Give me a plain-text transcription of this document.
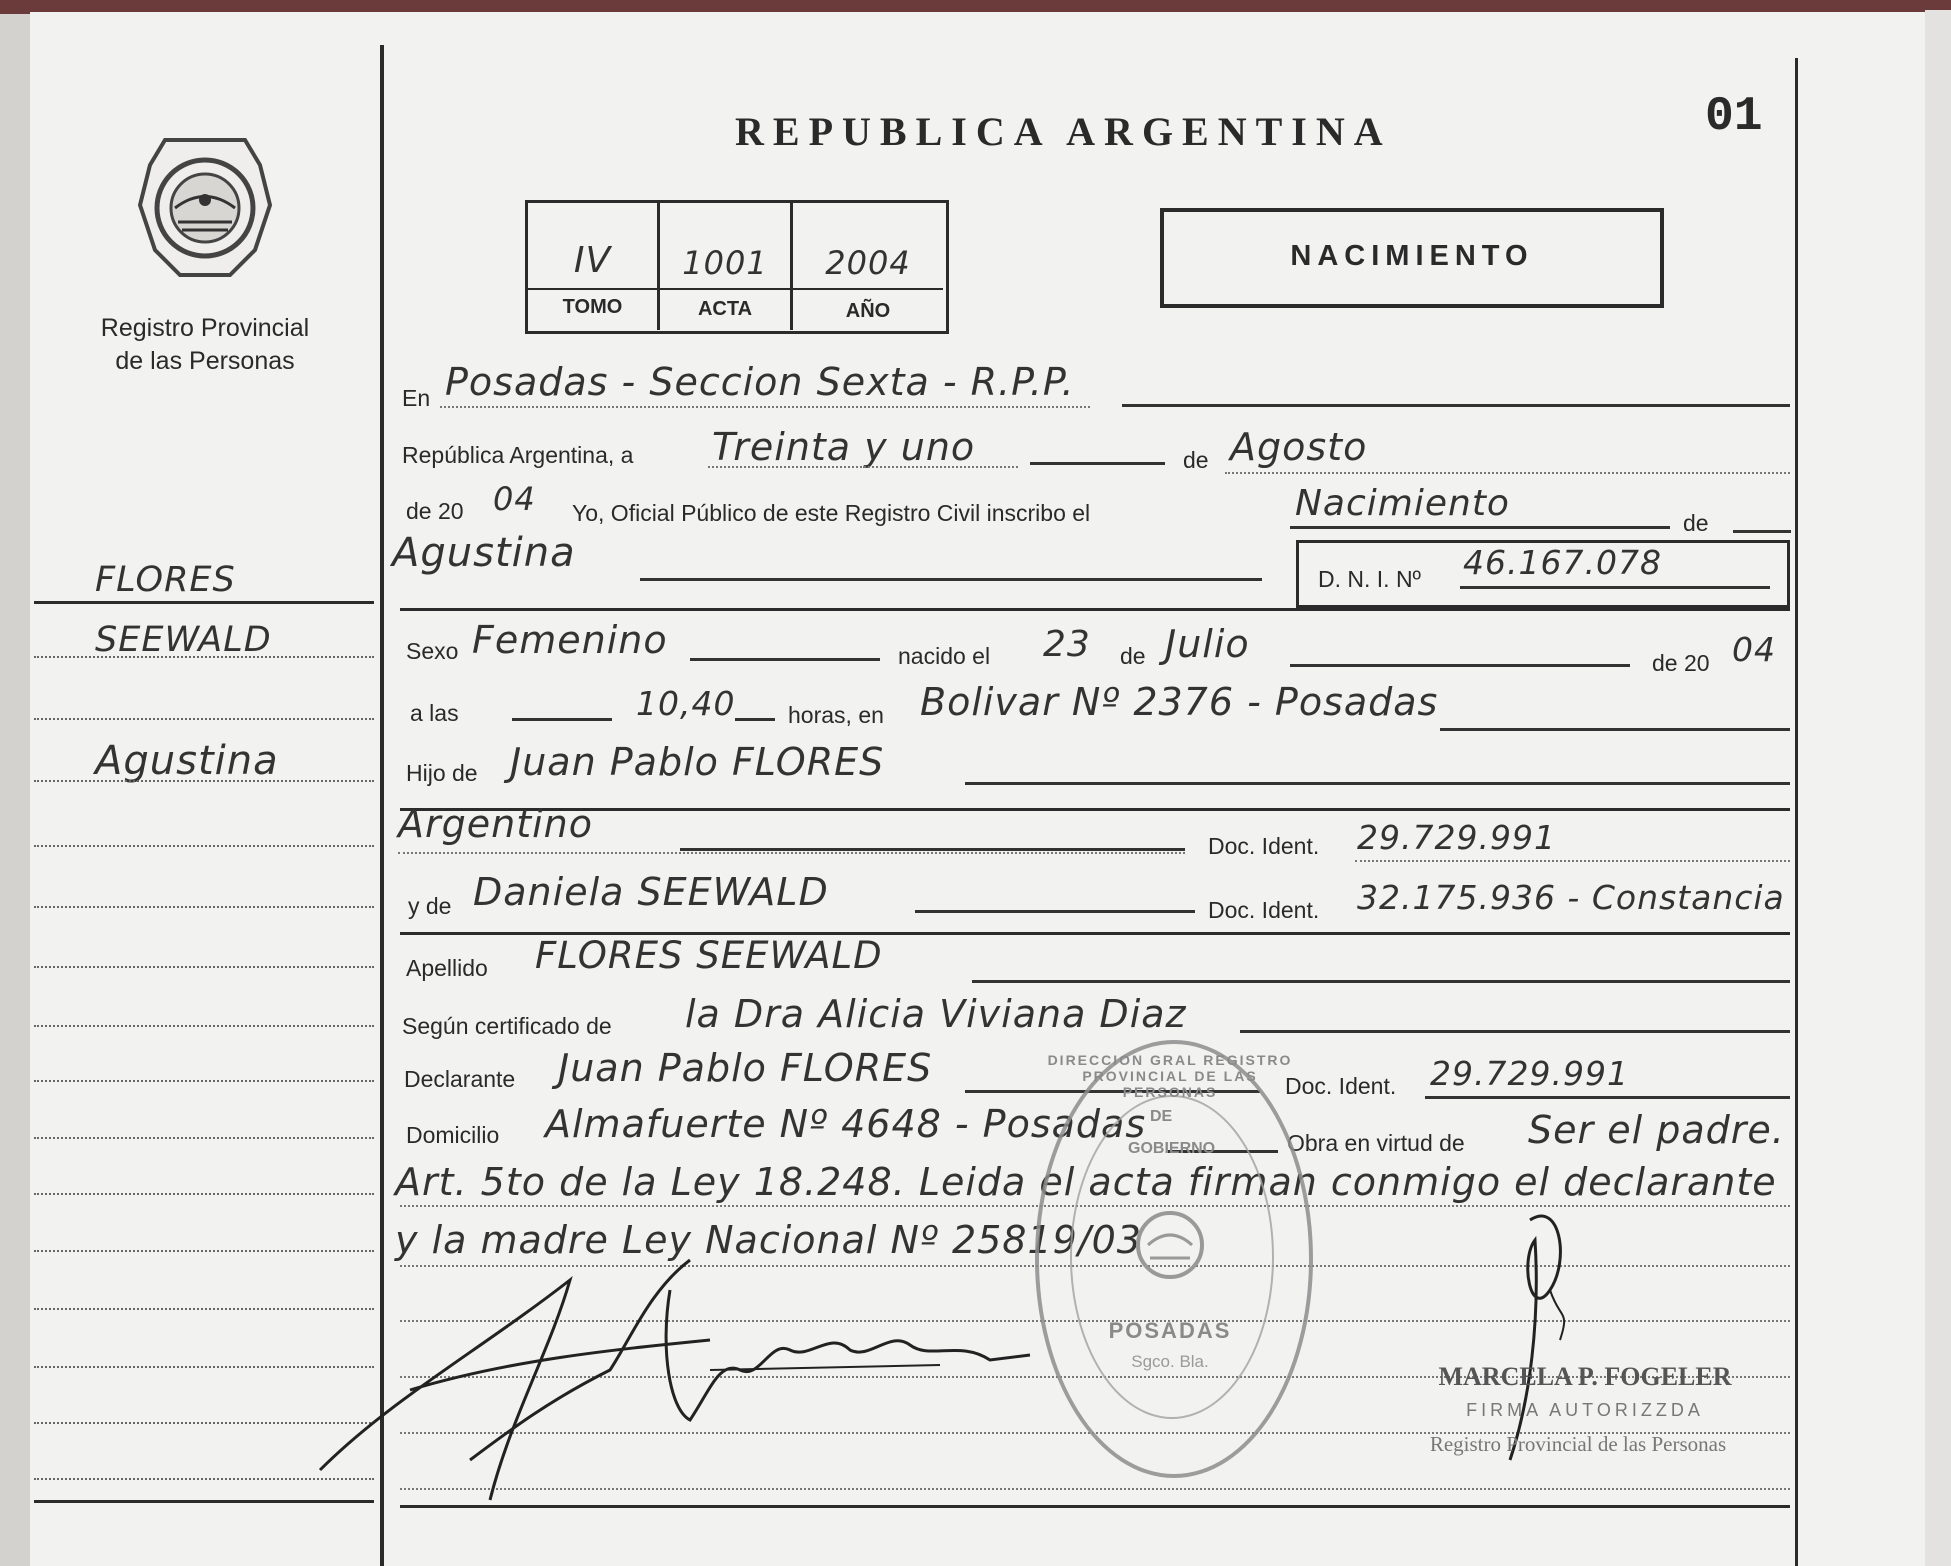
Registro Provincial
de las Personas
FLORES
SEEWALD
Agustina
REPUBLICA ARGENTINA	01
IV	1001	2004
TOMO	ACTA	AÑO
NACIMIENTO
En Posadas - Seccion Sexta - R.P.P.
República Argentina, a Treinta y uno	de Agosto
de 20 04 Yo, Oficial Público de este Registro Civil inscribo el	Nacimiento	de
Agustina
D. N. I. Nº 46.167.078
Sexo Femenino	nacido el 23 de Julio	de 20 04
a las	10,40 horas, en Bolivar Nº 2376 - Posadas
Hijo de Juan Pablo FLORES
Argentino	Doc. Ident. 29.729.991
y de Daniela SEEWALD	Doc. Ident. 32.175.936 - Constancia
Apellido FLORES SEEWALD
Según certificado de la Dra Alicia Viviana Diaz
Declarante Juan Pablo FLORES	Doc. Ident. 29.729.991
Domicilio Almafuerte Nº 4648 - Posadas	Obra en virtud de Ser el padre.
Art. 5to de la Ley 18.248. Leida el acta firman conmigo el declarante
y la madre Ley Nacional Nº 25819/03
DIRECCION GRAL REGISTRO PROVINCIAL DE LAS PERSONAS
DE
GOBIERNO
POSADAS
Sgco. Bla.
MARCELA P. FOGELER
FIRMA AUTORIZZDA
Registro Provincial de las Personas
